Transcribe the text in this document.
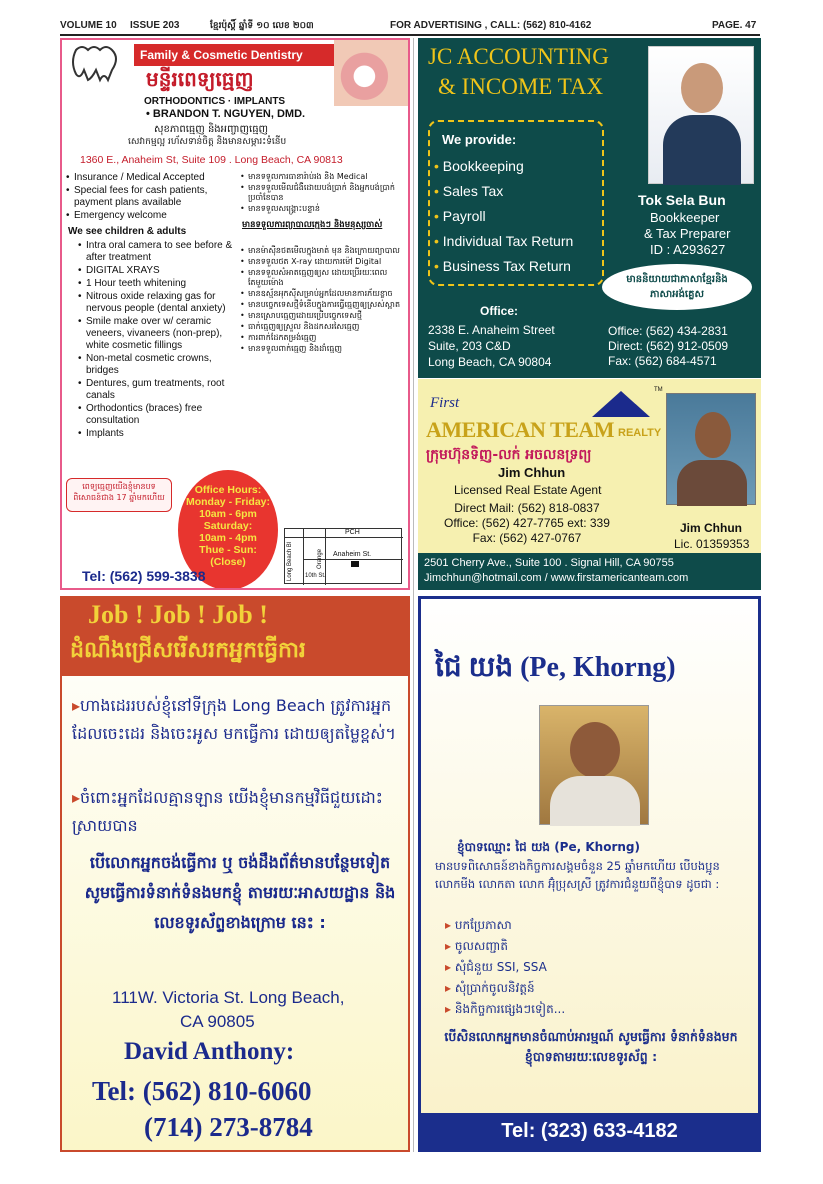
VOLUME 10 ISSUE 203	ខ្មែរប៉ុស្តិ៍ ឆ្នាំទី ១០ លេខ ២០៣	FOR ADVERTISING , CALL: (562) 810-4162	PAGE. 47
Family & Cosmetic Dentistry
មន្ទីរពេទ្យធ្មេញ
ORTHODONTICS · IMPLANTS
• BRANDON T. NGUYEN, DMD.
សុខភាពធ្មេញ និងអញ្ចាញធ្មេញ
សេវាកម្មល្អ រហ័សទាន់ចិត្ត និងមានសម្ភារះទំនើប
1360 E., Anaheim St, Suite 109 . Long Beach, CA 90813
• Insurance / Medical Accepted
• Special fees for cash patients, payment plans available
• Emergency welcome
We see children & adults
• Intra oral camera to see before & after treatment
• DIGITAL XRAYS
• 1 Hour teeth whitening
• Nitrous oxide relaxing gas for nervous people (dental anxiety)
• Smile make over w/ ceramic veneers, vivaneers (non-prep), white cosmetic fillings
• Non-metal cosmetic crowns, bridges
• Dentures, gum treatments, root canals
• Orthodontics (braces) free consultation
• Implants
• មានទទួលការធានារ៉ាប់រង និង Medical
• មានទទួលមើលជំងឺដោយបង់ប្រាក់ និងអ្នកបង់ប្រាក់ប្រចាំខែបាន
• មានទទួលសង្គ្រោះបន្ទាន់
មានទទួលការព្យាបាលក្មេងៗ និងមនុស្សចាស់
• មានម៉ាស៊ីនថតមើលក្នុងមាត់ មុន និងក្រោយព្យាបាល
• មានទទួលថត X-ray ដោយការម៉ៅ Digital
• មានទទួលសំអាតធ្មេញឲ្យស ដោយប្រើរយៈពេលតែមួយម៉ោង
• មានឧស្ម័នអុកស៊ីសម្រាប់អ្នកដែលមានការភ័យខ្លាច
• មានបច្ចេកទេសថ្មីទំនើបក្នុងការធ្វើធ្មេញឲ្យស្រស់ស្អាត
• មានស្រោបធ្មេញដោយប្រើបច្ចេកទេសថ្មី
• ធាក់ធ្មេញឲ្យស្រួល និងដកសរសៃធ្មេញ
• ការពាក់ដែកតម្រង់ធ្មេញ
• មានទទួលពាក់ធ្មេញ និងដាំធ្មេញ
ពេទ្យធ្មេញយើងខ្ញុំមានបទពិសោធន៍ជាង 17 ឆ្នាំមកហើយ
Office Hours:
Monday - Friday:
10am - 6pm
Saturday:
10am - 4pm
Thue - Sun:
(Close)
PCH
Anaheim St.
10th St.
Long Beach Bl	Orange
Tel: (562) 599-3838
JC ACCOUNTING
& INCOME TAX
We provide:
• Bookkeeping
• Sales Tax
• Payroll
• Individual Tax Return
• Business Tax Return
Tok Sela Bun
Bookkeeper
& Tax Preparer
ID : A293627
មាននិយាយជាភាសាខ្មែរនិងភាសាអង់គ្លេស
Office:
2338 E. Anaheim Street
Suite, 203 C&D
Long Beach, CA 90804
Office: (562) 434-2831
Direct: (562) 912-0509
Fax: (562) 684-4571
First
TM
AMERICAN TEAM REALTY
ក្រុមហ៊ុនទិញ-លក់ អចលនទ្រព្យ
Jim Chhun
Licensed Real Estate Agent
Direct Mail: (562) 818-0837
Office: (562) 427-7765 ext: 339
Fax: (562) 427-0767
Jim Chhun
Lic. 01359353
2501 Cherry Ave., Suite 100 . Signal Hill, CA 90755
Jimchhun@hotmail.com / www.firstamericanteam.com
Job ! Job ! Job !
ដំណឹងជ្រើសរើសរកអ្នកធ្វើការ
▸ហាងដេររបស់ខ្ញុំនៅទីក្រុង Long Beach ត្រូវការអ្នកដែលចេះដេរ និងចេះអូស មកធ្វើការ ដោយឲ្យតម្លៃខ្ពស់។
▸ចំពោះអ្នកដែលគ្មានឡាន យើងខ្ញុំមានកម្មវិធីជួយដោះស្រាយបាន
បើលោកអ្នកចង់ធ្វើការ ឬ ចង់ដឹងព័ត៌មានបន្ថែមទៀត សូមធ្វើការទំនាក់ទំនងមកខ្ញុំ តាមរយៈអាសយដ្ឋាន និងលេខទូរស័ព្ទខាងក្រោម នេះ :
111W. Victoria St. Long Beach,
CA 90805
David Anthony:
Tel: (562) 810-6060
(714) 273-8784
ជៃ យង (Pe, Khorng)
ខ្ញុំបាទឈ្មោះ ជៃ យង (Pe, Khorng)
មានបទពិសោធន៍ខាងកិច្ចការសង្គមចំនួន 25 ឆ្នាំមកហើយ បើបងប្អូន លោកមីង លោកតា លោក អ៊ុំប្រុសស្រី ត្រូវការជំនួយពីខ្ញុំបាទ ដូចជា :
▸ បកប្រែភាសា
▸ ចូលសញ្ជាតិ
▸ សុំជំនួយ SSI, SSA
▸ សុំប្រាក់ចូលនិវត្តន៍
▸ និងកិច្ចការផ្សេងៗទៀត...
បើសិនលោកអ្នកមានចំណាប់អារម្មណ៍ សូមធ្វើការ ទំនាក់ទំនងមកខ្ញុំបាទតាមរយៈលេខទូរស័ព្ទ :
Tel: (323) 633-4182
